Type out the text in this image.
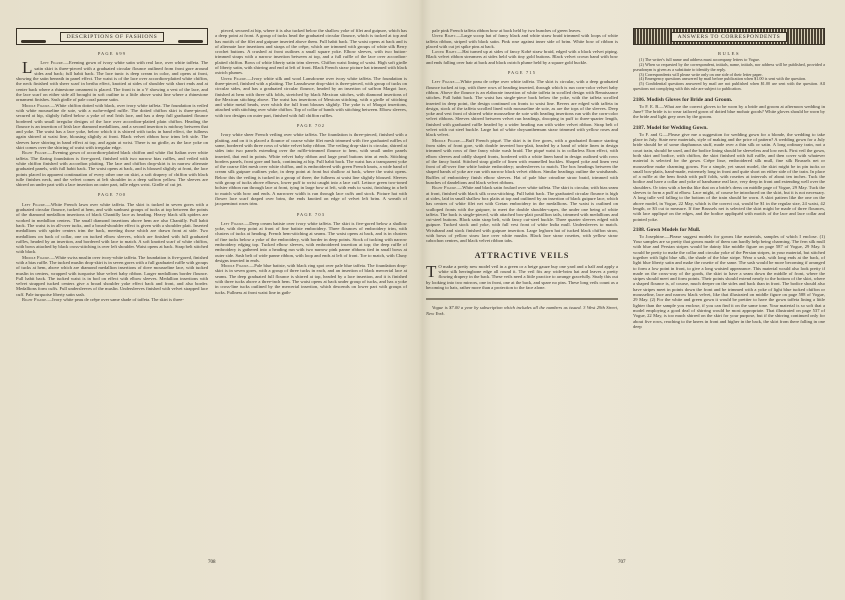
DESCRIPTIONS OF FASHIONS
PAGE 699

L Left Figure.—Evening gown of ivory white satin with real lace, over white taffeta. The satin skirt is three-pieced with a graduated circular flounce outlined from front gore around sides and back; full habit back. The lace tunic is deep cream in color, and opens at front, showing the satin beneath in panel effect. The waist is of the lace over accordion-plaited white chiffon, the neck finished with sheer scarf in bertha effect, knotted at sides of shoulder with short ends and at center back where a rhinestone ornament is placed. The front is in a V showing a vest of the lace, and the lace scarf on either side all brought in soft outline to a little above waist line where a rhinestone ornament finishes. Sash girdle of pale coral panne satin.

Middle Figure.—White chiffon dotted with black, over ivory white taffeta. The foundation is veiled with white mousseline de soie, with a ruche-edged ruffle. The dotted chiffon skirt is three-pieced, secured at hip, slightly fulled below a yoke of real Irish lace, and has a deep full graduated flounce bordered with small irregular designs of the lace over accordion-plaited plain chiffon. Heading the flounce is an insertion of Irish lace diamond medallions, and a second insertion is midway between that and yoke. The waist has a lace yoke, below which it is shirred with tucks in band effect, the fullness again shirred at waist line, blousing slightly at front. Black velvet ribbon bow trims left side. The sleeves have shirring in band effect at top, and again at wrist. There is no girdle, as the lace yoke on skirt comes over the shirring of waist with irregular edge.

Right Figure.—Evening gown of accordion-plaited black chiffon and white flat Italian over white taffeta. The flaring foundation is five-gored, finished with two narrow bias ruffles, and veiled with white chiffon finished with accordion plaiting. The lace and chiffon drop-skirt is in narrow alternate graduated panels, with full habit back. The waist opens at back, and is bloused slightly at front, the lace points placed in apparent continuation of every other one on skirt, a soft drapery of chiffon with black tulle finishes neck, and the velvet comes at left shoulder in a deep saffron yellow. The sleeves are shirred on under part with a lace insertion on outer part, tulle edges wrist. Girdle of cut jet.

PAGE 700

Left Figure.—White French lawn over white taffeta. The skirt is tucked in seven gores with a graduated circular flounce, tucked at hem, and with sunburst groups of tucks at top between the points of the diamond medallion insertions of black Chantilly lace as heading. Heavy black silk spiders are worked in medallion centers. The small diamond insertions above hem are also Chantilly. Full habit back. The waist is in all-over tucks, and a broad-shoulder effect is given with a shoulder plait. Inserted medallions with spider centers trim the back, meeting those which are drawn front at side. Two medallions on back of collar, one on tucked elbow sleeves, which are finished with full graduated ruffles, headed by an insertion, and bordered with lace to match. A soft knotted scarf of white chiffon, with bows attached by black cross-stitching is over left shoulder. Waist opens at back. Strap belt stitched with black.

Middle Figure.—White swiss muslin over ivory-white taffeta. The foundation is five-gored, finished with a bias ruffle. The tucked muslin drop-skirt is in seven gores with a full graduated ruffle with groups of tucks at hem, above which are diamond medallion insertions of dove mousseline lace, with tucked muslin in centers, wrapped with turquoise blue velvet baby ribbon. Larger medallions border flounce. Full habit back. The tucked waist is in bod on effect with elbow sleeves. Medallion insertions with velvet strapped tucked centers give a broad shoulder yoke effect back and front, and also border. Medallions form cuffs. Full undersleeves of the muslin. Undersleeves finished with velvet strapped lace cuff. Pale turquoise liberty satin sash.

Right Figure.—Ivory white peau de crêpe over same shade of taffeta. The skirt is three-

pieced, secured at hip, where it is also tucked below the shallow yoke of filet and guipure, which has a deep point at front. A group of tucks head the graduated circular flounce, which is tucked at top and has motifs of the filet and guipure inserted above them. Full habit back. The waist opens at back and is of alternate lace insertions and straps of the crêpe, which are trimmed with groups of white silk Berry crochet buttons. A crushed at front outlines a small square yoke. Elbow sleeves, with two button-trimmed straps with a narrow insertion between at top, and a full ruffle of the lace over accordion-plaited chiffon. Bows of white liberty satin trim sleeves. Chiffon waist lining of waist. High soft girdle of liberty satin, with shirring and end at left of front. Black French straw picture hat trimmed with black ostrich plumes.

Upper Figure.—Ivory white silk and wool Lansdowne over ivory white taffeta. The foundation is three-pieced, finished with a plaiting. The Lansdowne drop-skirt is three-pieced, with group of tucks on circular sides, and has a graduated circular flounce, headed by an insertion of saffron Margot lace, finished at hem with three silk folds, stretched by black Mexican stitches, with diamond insertions of the Mexican stitching above. The waist has insertions of Mexican stitching, with a girdle of stitching and white metal beads, over which the full front blouses slightly. The yoke is of Margot insertions, attached with stitching over white chiffon. Top of collar of bands with stitching between. Elbow sleeves, with two designs on outer part, finished with full chiffon ruffles.

PAGE 702

Ivory white sheer French veiling over white taffeta. The foundation is three-pieced, finished with a plaiting, and on it is placed a flounce of coarse white filet mesh trimmed with five graduated ruffles of same, bordered with three rows of white velvet baby ribbon. The veiling drop-skirt is circular, shirred at sides into two panels extending over the ruffle-trimmed flounce to hem, with small under panels inserted, that end in points. White velvet baby ribbon and large pearl buttons trim at ends. Stitching borders panels, front gore and back, continuing at hip. Full habit back. The waist has a transparent yoke of the coarse filet mesh over white chiffon, and is embroidered with green French knots, a wide band of cream silk guipure outlines yoke, in deep point at front but shallow at back, where the waist opens. Below this the veiling is tucked in a group of three; the fullness at waist line slightly bloused. Sleeves with group of tucks above elbows, lower puff to wrist caught into a lace cuff. Lettuce green two-toned bolster ribbon run through lace at front, tying in large bow at left, with ends to waist, finishing in a belt to match with bow and ends. A narrower width is run through lace cuffs and stock. Picture hat with flower lace scarf draped over brim, the ends knotted on edge of velvet left brim. A wreath of jacqueminot roses trim.

PAGE 703

Left Figure.—Deep cream batiste over ivory white taffeta. The skirt is five-gored below a shallow yoke, with deep point at front of fine batiste embroidery. Three flounces of embroidery trim, with clusters of tucks at heading. French hem-stitching at seams. The waist opens at back, and is in clusters of fine tucks below a yoke of the embroidery, with border in deep points. Stock of tucking with narrow embroidery edging top. Tucked elbow sleeves, with embroidered insertion at top; the deep ruffle of embroidery is gathered into a heading run with two narrow pink panne ribbons tied in small bows at outer side. Sash belt of wide panne ribbon, with loop and ends at left of front. Toe to match, with Cluny designs inserted in ends.

Middle Figure.—Pale blue batiste, with black ring spot over pale blue taffeta. The foundation drop-skirt is in seven gores, with a group of three tucks in each, and an insertion of black mercerial lace at seams. The deep graduated full flounce is shirred at top, headed by a lace insertion, and it is finished with three tucks above a three-inch hem. The waist opens at back under group of tucks, and has a yoke in cross-line tucks outlined by the mercerial insertion, which descends on lower part with groups of tucks. Fullness at front waist line in gath-

708

pale pink French taffeta ribbon bow at back held by two bunches of green leaves.

Upper Right.—Large scoop hat of fancy black and white straw braid trimmed with loops of white taffeta ribbon, striped with black satin. Pink rose against inner side of brim. White bow of ribbon is placed with cut jet spike pins at back.

Lower Right.—Hat turned up at sides of fancy Kobè straw braid, edged with a black velvet piping. Black velvet ribbon streamers at sides held with tiny gold buttons. Black velvet crown band with bow and ends falling over hair at back and black ostrich plume held by a square gold buckle.

PAGE 715

Left Figure.—White peau de crêpe over white taffeta. The skirt is circular, with a deep graduated flounce tucked at top, with three rows of heading inserted, through which is run corn-color velvet baby ribbon. Above the flounce is an elaborate insertion of white taffeta in scrolled design with Renaissance stitches. Full habit back. The waist has single-piece back below the yoke, with the taffeta scrolled inserted in deep point, the design continued on fronts to waist line. Revers are edged with taffeta in design, stock of the taffeta scrolled lined with mousseline de soie, as are the tops of the sleeves. Deep yoke and vest front of shirred white mousseline de soie with heading insertions run with the corn-color velvet ribbons. Sleeves shirred between velvet run headings, drooping in puff to three-quarter length, finished with graduated ruffle headed by a wider heading run with wider velvet ribbon. Strap belt of velvet with cut steel buckle. Large hat of white chrysanthemum straw trimmed with yellow roses and black velvet.

Middle Figure.—Buff French piqué. The skirt is in five gores, with a graduated flounce starting from sides of front gore, with double inverted box-plait, headed by a band of white linen in design trimmed with rows of fine fancy white wash braid. The piqué waist is in collarless Eton effect, with elbow sleeves and oddly shaped fronts, bordered with a white linen band in design outlined with rows of the fancy braid. Stitched strap girdle of linen with enamelled buckles. Shaped yoke and linen vest front of all-over fine white batiste embroidery; undersleeves to match. The box headings between the shaped bands of yoke are run with narrow black velvet ribbon. Similar headings outline the waistbands. Ruffles of embroidery finish elbow sleeves. Hat of pale blue crinoline straw braid, trimmed with bunches of dandelions and black velvet ribbons.

Right Figure.—White and black satin foulard over white taffeta. The skirt is circular, with bias seam at front, finished with black silk cross-stitching. Full habit back. The graduated circular flounce is high at sides, laid in small shallow box plaits at top and outlined by an insertion of black guipure lace, which has centres of white filet net with Cretan embroidery in the medallions. The waist is outlined on scalloped fronts with the guipure, to meet the double shoulder-capes, the under one being of white taffeta. The back is single-pieced, with attached box-plait postillion tails, trimmed with medallions and cut-steel buttons. Black satin strap belt, with fancy cut-steel buckle. Three quarter sleeves edged with guipure. Tucked stock and yoke, with full vest front of white India mull. Undersleeves to match. Wristband and stock finished with guipure insertion. Large leghorn hat of tucked black chiffon straw, with bows of yellow straw lace over white muslin. Black lace straw rosettes, with yellow straw cabochon centres, and black velvet ribbon tabs.

ATTRACTIVE VEILS

T O make a pretty new model veil in a green or a beige gauze buy one yard and a half and apply a white silk herringbone edge all round it. The veil fits any wide-brim hat and leaves a pretty flowing drapery in the back. These veils need a little practice to arrange gracefully. Study this out by looking into two mirrors, one in front, one at the back, and spare no pins. These long veils count as a becoming to hats, rather more than a protection to the face alone.

Vogue is $7.00 a year by subscription which includes all the numbers as issued. 3 West 29th Street, New York.

ANSWERS TO CORRESPONDENTS
RULES

(1) The writer's full name and address must accompany letters to Vogue.

(2) When so requested by the correspondent, initials, name, initials, nor address will be published, provided a pseudonym is given as a substitute to identify the reply.

(3) Correspondents will please write only on one side of their letter paper.

(4) Emergency questions answered by mail before publication when $1.00 is sent with the question.

(5) Confidential questions answered by mail are not published when $1.00 are sent with the question. All questions not complying with this rule are subject to publication.

2186. Modish Gloves for Bride and Groom.

To F. E. B.—What are the correct gloves to be worn by a bride and groom at afternoon wedding in June? The bride is to wear tailored gown of dotted blue mohair goods? White gloves should be worn by the bride and light grey ones by the groom.

2187. Model for Wedding Gown.

To F. and G.—Please give me a suggestion for wedding gown for a blonde, the wedding to take place in July. State new materials, style of making and the price of pattern? A wedding gown for a July bride should be of some diaphanous stuff, made over a thin silk or satin. A long ordinary train, not a court train, should be used, and the bodice lining should be sleeveless and low neck. First veil the gown, both skirt and bodice, with chiffon, the skirt finished with full ruffle, and then cover with whatever material is selected for the gown. Crêpe lisse, embroidered silk mull, fine silk Brussels net or mousseline make charming gowns. For a simple, yet smart model, the skirt might be in pin tucks or small box-plaits, hand-made, extremely long in front and quite short on either side of the train. In place of a ruffle at the hem finish with puff folds, with rosettes at intervals of about ten inches. Tuck the bodice and have a collar and yoke of handsome real lace, very deep in front and extending well over the shoulders. Or trim with a bertha like that on a bride's dress on middle page of Vogue, 29 May. Tuck the sleeves to form a puff at elbow. Lace might, of course be introduced on the skirt, but it is not necessary. A long tulle veil falling to the bottom of the train should be worn. A skirt pattern like the one on the above model, in Vogue, 22 May, which is the correct cut, would be $1 in the regular size, 24 waist, 42 length, or $3 cut to measure. If fine Brussels net is selected the skirt might be made of three flounces, with lace appliqué on the edges, and the bodice appliquéd with motifs of the lace and lace collar and pointed yoke.

2188. Gown Models for Mull.

To Josephine.—Please suggest models for gowns like materials, samples of which I enclose. (1) Your samples are so pretty that gowns made of them can hardly help being charming. The fern silk mull with blue and Persian stripes would be dainty like middle figure on page 587 of Vogue, 29 May. It would be pretty to make the collar and circular yoke of the Persian stripes, in your material, but stitched together with light blue silk, the shade of the blue stripe. Wear a sash, with long ends at the back, of light blue liberty satin and make the rosette of the same. The sash would be more becoming if arranged to form a low point in front, to give a long waisted appearance. This material would also look pretty if made on the cross-way of the goods, the skirt to have a seam down the middle of front, where the stripes should meet and form points. Their points should extend nearly to the bottom of the skirt, where a shaped flounce is, of course, much deeper on the sides and back than in front. The bodice should also have stripes meet in points down the front and be trimmed with a yoke of light blue tucked chiffon or mousseline, lace and narrow black velvet, like that illustrated on middle figure on page 588 of Vogue, 29 May. (2) For the white and green gown it would be prettier to have the gown taffeta lining a little lighter than the sample you enclose, if you can find it on the same tone. Your material is so soft that a model employing a good deal of shirring would be most appropriate. That illustrated on page 537 of Vogue, 22 May, is too much shirred on the skirt for your purpose, but if the shirring continued only for about five rows, reaching to the knees in front and higher in the back, the skirt from there falling in one deep

707
